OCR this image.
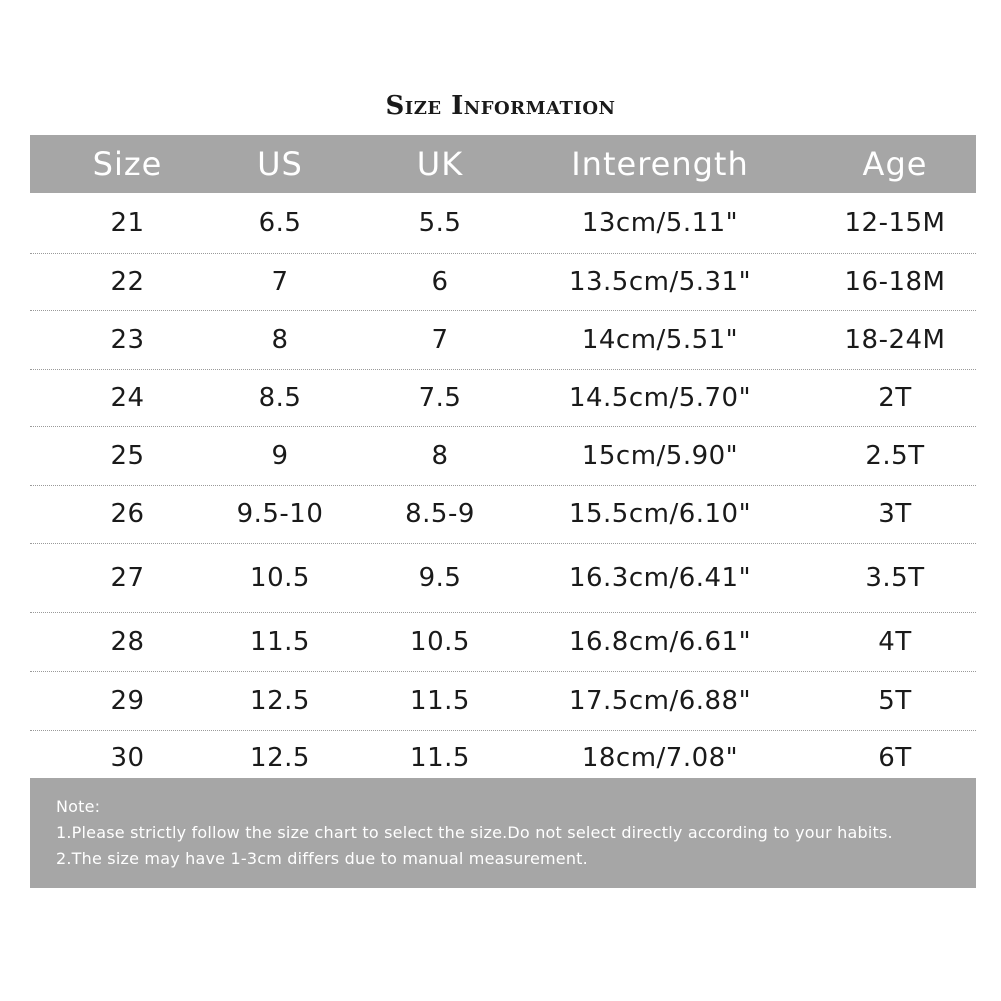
Size Information
Size	US	UK	Interength	Age
21	6.5	5.5	13cm/5.11"	12-15M
22	7	6	13.5cm/5.31"	16-18M
23	8	7	14cm/5.51"	18-24M
24	8.5	7.5	14.5cm/5.70"	2T
25	9	8	15cm/5.90"	2.5T
26	9.5-10	8.5-9	15.5cm/6.10"	3T
27	10.5	9.5	16.3cm/6.41"	3.5T
28	11.5	10.5	16.8cm/6.61"	4T
29	12.5	11.5	17.5cm/6.88"	5T
30	12.5	11.5	18cm/7.08"	6T
Note:
1.Please strictly follow the size chart to select the size.Do not select directly according to your habits.
2.The size may have 1-3cm differs due to manual measurement.
